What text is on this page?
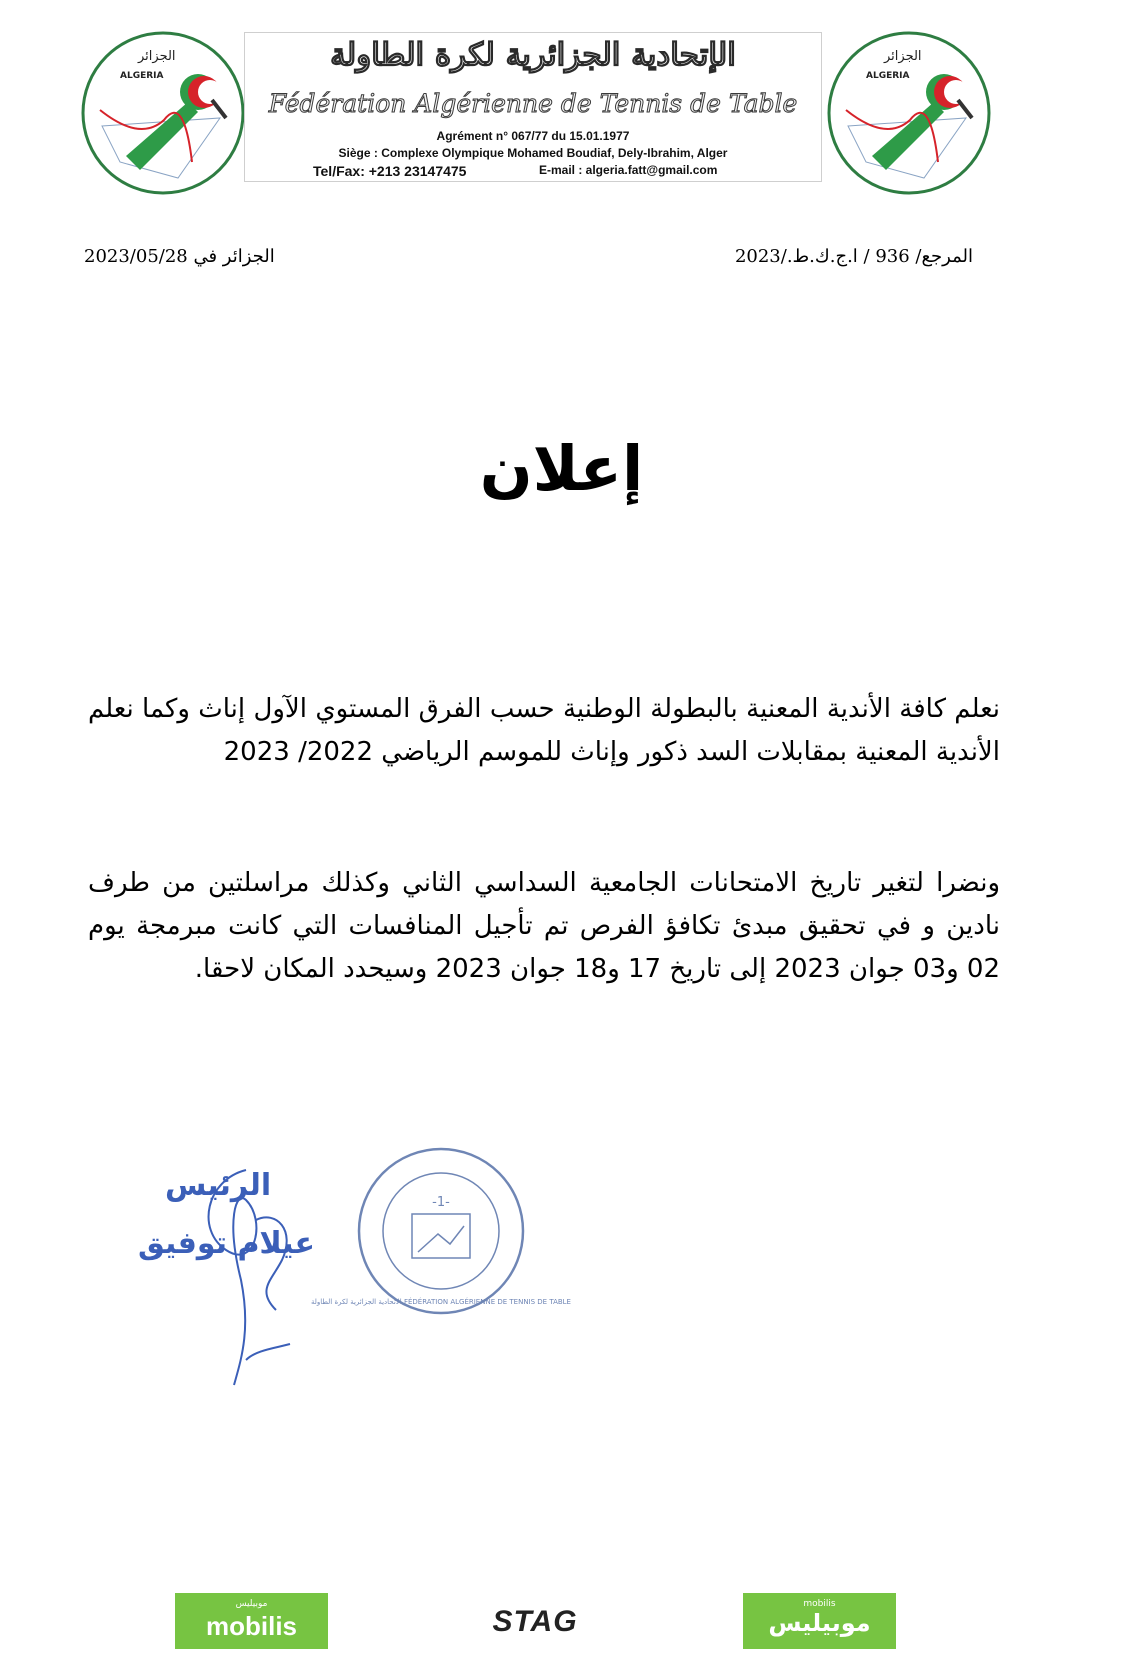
الجزائر
ALGERIA
الإتحادية الجزائرية لكرة الطاولة
Fédération Algérienne de Tennis de Table
Agrément n° 067/77 du 15.01.1977
Siège : Complexe Olympique Mohamed Boudiaf, Dely-Ibrahim, Alger
Tel/Fax: +213 23147475	E-mail : algeria.fatt@gmail.com
الجزائر
ALGERIA
المرجع/ 936 / ا.ج.ك.ط./2023
الجزائر في 2023/05/28
إعلان
نعلم كافة الأندية المعنية بالبطولة الوطنية حسب الفرق المستوي الآول إناث وكما نعلم الأندية المعنية بمقابلات السد ذكور وإناث للموسم الرياضي 2022/ 2023
ونضرا لتغير تاريخ الامتحانات الجامعية السداسي الثاني وكذلك مراسلتين من طرف نادين و في تحقيق مبدئ تكافؤ الفرص تم تأجيل المنافسات التي كانت مبرمجة يوم 02 و03 جوان 2023 إلى تاريخ 17 و18 جوان 2023 وسيحدد المكان لاحقا.
الرئيس
عيلام توفيق
-1-
الاتحادية الجزائرية لكرة الطاولة FÉDÉRATION ALGÉRIENNE DE TENNIS DE TABLE
موبيليس
mobilis	STAG
mobilis
موبيليس
